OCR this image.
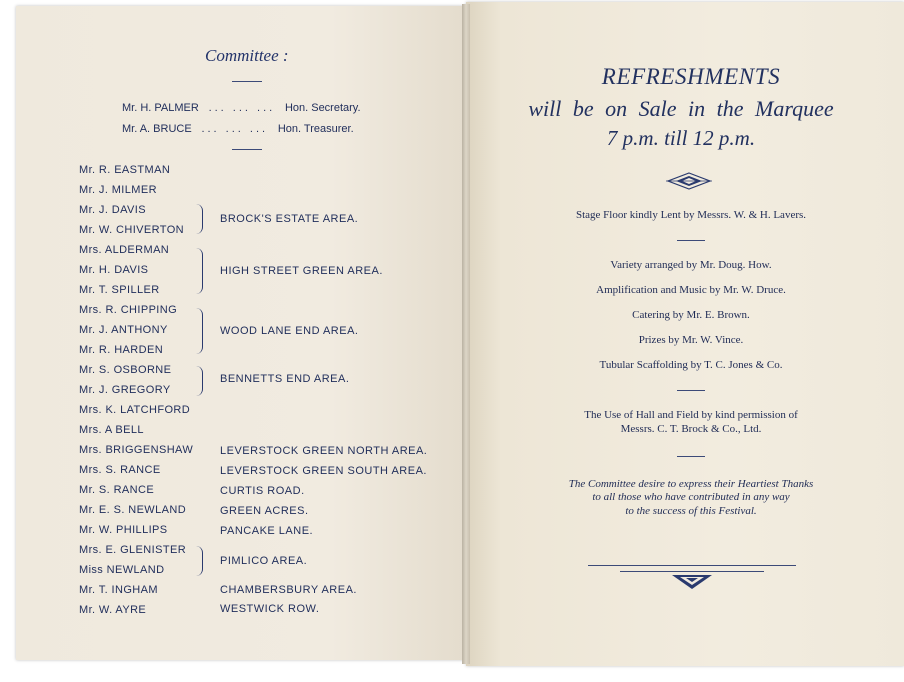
Committee :
Mr. H. PALMER ... ... ... Hon. Secretary.
Mr. A. BRUCE ... ... ... Hon. Treasurer.
Mr. R. EASTMAN
Mr. J. MILMER
Mr. J. DAVIS
Mr. W. CHIVERTON
Mrs. ALDERMAN
Mr. H. DAVIS
Mr. T. SPILLER
Mrs. R. CHIPPING
Mr. J. ANTHONY
Mr. R. HARDEN
Mr. S. OSBORNE
Mr. J. GREGORY
Mrs. K. LATCHFORD
Mrs. A BELL
Mrs. BRIGGENSHAW
Mrs. S. RANCE
Mr. S. RANCE
Mr. E. S. NEWLAND
Mr. W. PHILLIPS
Mrs. E. GLENISTER
Miss NEWLAND
Mr. T. INGHAM
Mr. W. AYRE
BROCK'S ESTATE AREA.
HIGH STREET GREEN AREA.
WOOD LANE END AREA.
BENNETTS END AREA.
LEVERSTOCK GREEN NORTH AREA.
LEVERSTOCK GREEN SOUTH AREA.
CURTIS ROAD.
GREEN ACRES.
PANCAKE LANE.
PIMLICO AREA.
CHAMBERSBURY AREA.
WESTWICK ROW.
REFRESHMENTS
will be on Sale in the Marquee
7 p.m. till 12 p.m.
Stage Floor kindly Lent by Messrs. W. & H. Lavers.
Variety arranged by Mr. Doug. How.
Amplification and Music by Mr. W. Druce.
Catering by Mr. E. Brown.
Prizes by Mr. W. Vince.
Tubular Scaffolding by T. C. Jones & Co.
The Use of Hall and Field by kind permission of
Messrs. C. T. Brock & Co., Ltd.
The Committee desire to express their Heartiest Thanks
to all those who have contributed in any way
to the success of this Festival.
